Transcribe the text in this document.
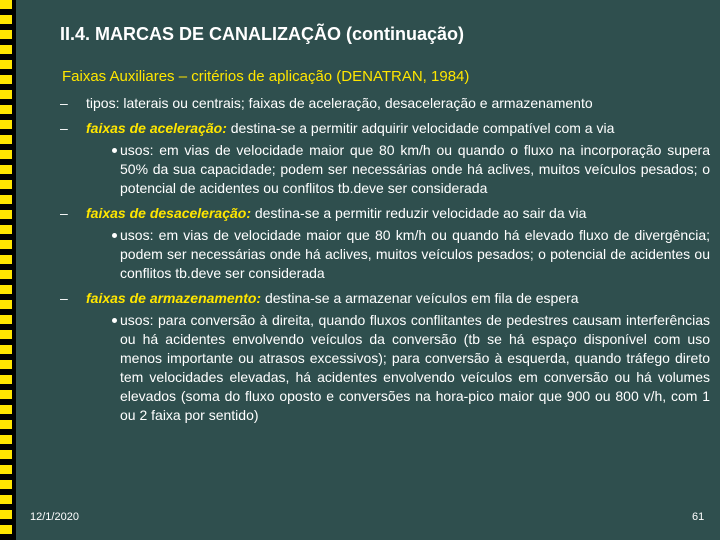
II.4. MARCAS DE CANALIZAÇÃO (continuação)
Faixas Auxiliares – critérios de aplicação (DENATRAN, 1984)
– tipos: laterais ou centrais; faixas de aceleração, desaceleração e armazenamento
– faixas de aceleração: destina-se a permitir adquirir velocidade compatível com a via
usos: em vias de velocidade maior que 80 km/h ou quando o fluxo na incorporação supera 50% da sua capacidade; podem ser necessárias onde há aclives, muitos veículos pesados; o potencial de acidentes ou conflitos tb.deve ser considerada
– faixas de desaceleração: destina-se a permitir reduzir velocidade ao sair da via
usos: em vias de velocidade maior que 80 km/h ou quando há elevado fluxo de divergência; podem ser necessárias onde há aclives, muitos veículos pesados; o potencial de acidentes ou conflitos tb.deve ser considerada
– faixas de armazenamento: destina-se a armazenar veículos em fila de espera
usos: para conversão à direita, quando fluxos conflitantes de pedestres causam interferências ou há acidentes envolvendo veículos da conversão (tb se há espaço disponível com uso menos importante ou atrasos excessivos); para conversão à esquerda, quando tráfego direto tem velocidades elevadas, há acidentes envolvendo veículos em conversão ou há volumes elevados (soma do fluxo oposto e conversões na hora-pico maior que 900 ou 800 v/h, com 1 ou 2 faixa por sentido)
12/1/2020	61
